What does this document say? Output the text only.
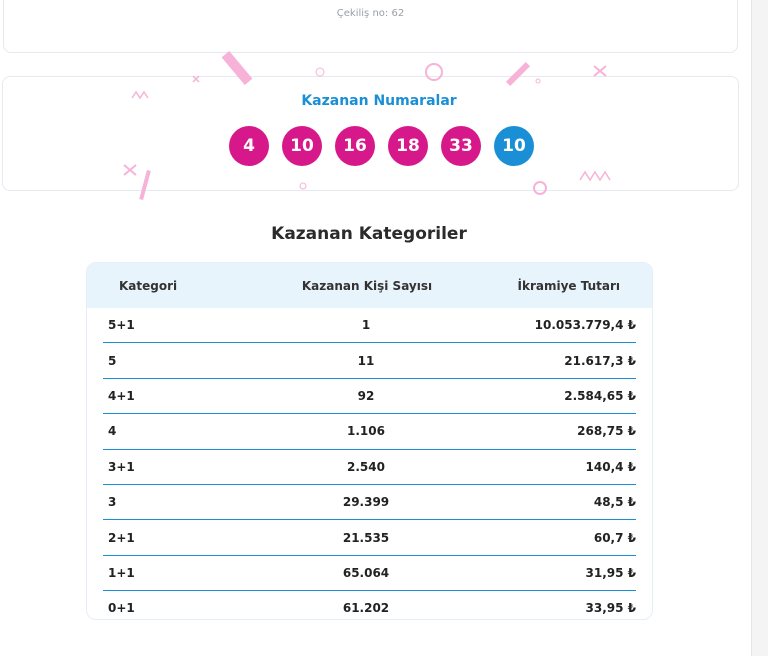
Çekiliş no: 62
Kazanan Numaralar
4	10	16	18	33	10
Kazanan Kategoriler
Kategori	Kazanan Kişi Sayısı	İkramiye Tutarı
5+1	1	10.053.779,4 ₺
5	11	21.617,3 ₺
4+1	92	2.584,65 ₺
4	1.106	268,75 ₺
3+1	2.540	140,4 ₺
3	29.399	48,5 ₺
2+1	21.535	60,7 ₺
1+1	65.064	31,95 ₺
0+1	61.202	33,95 ₺
